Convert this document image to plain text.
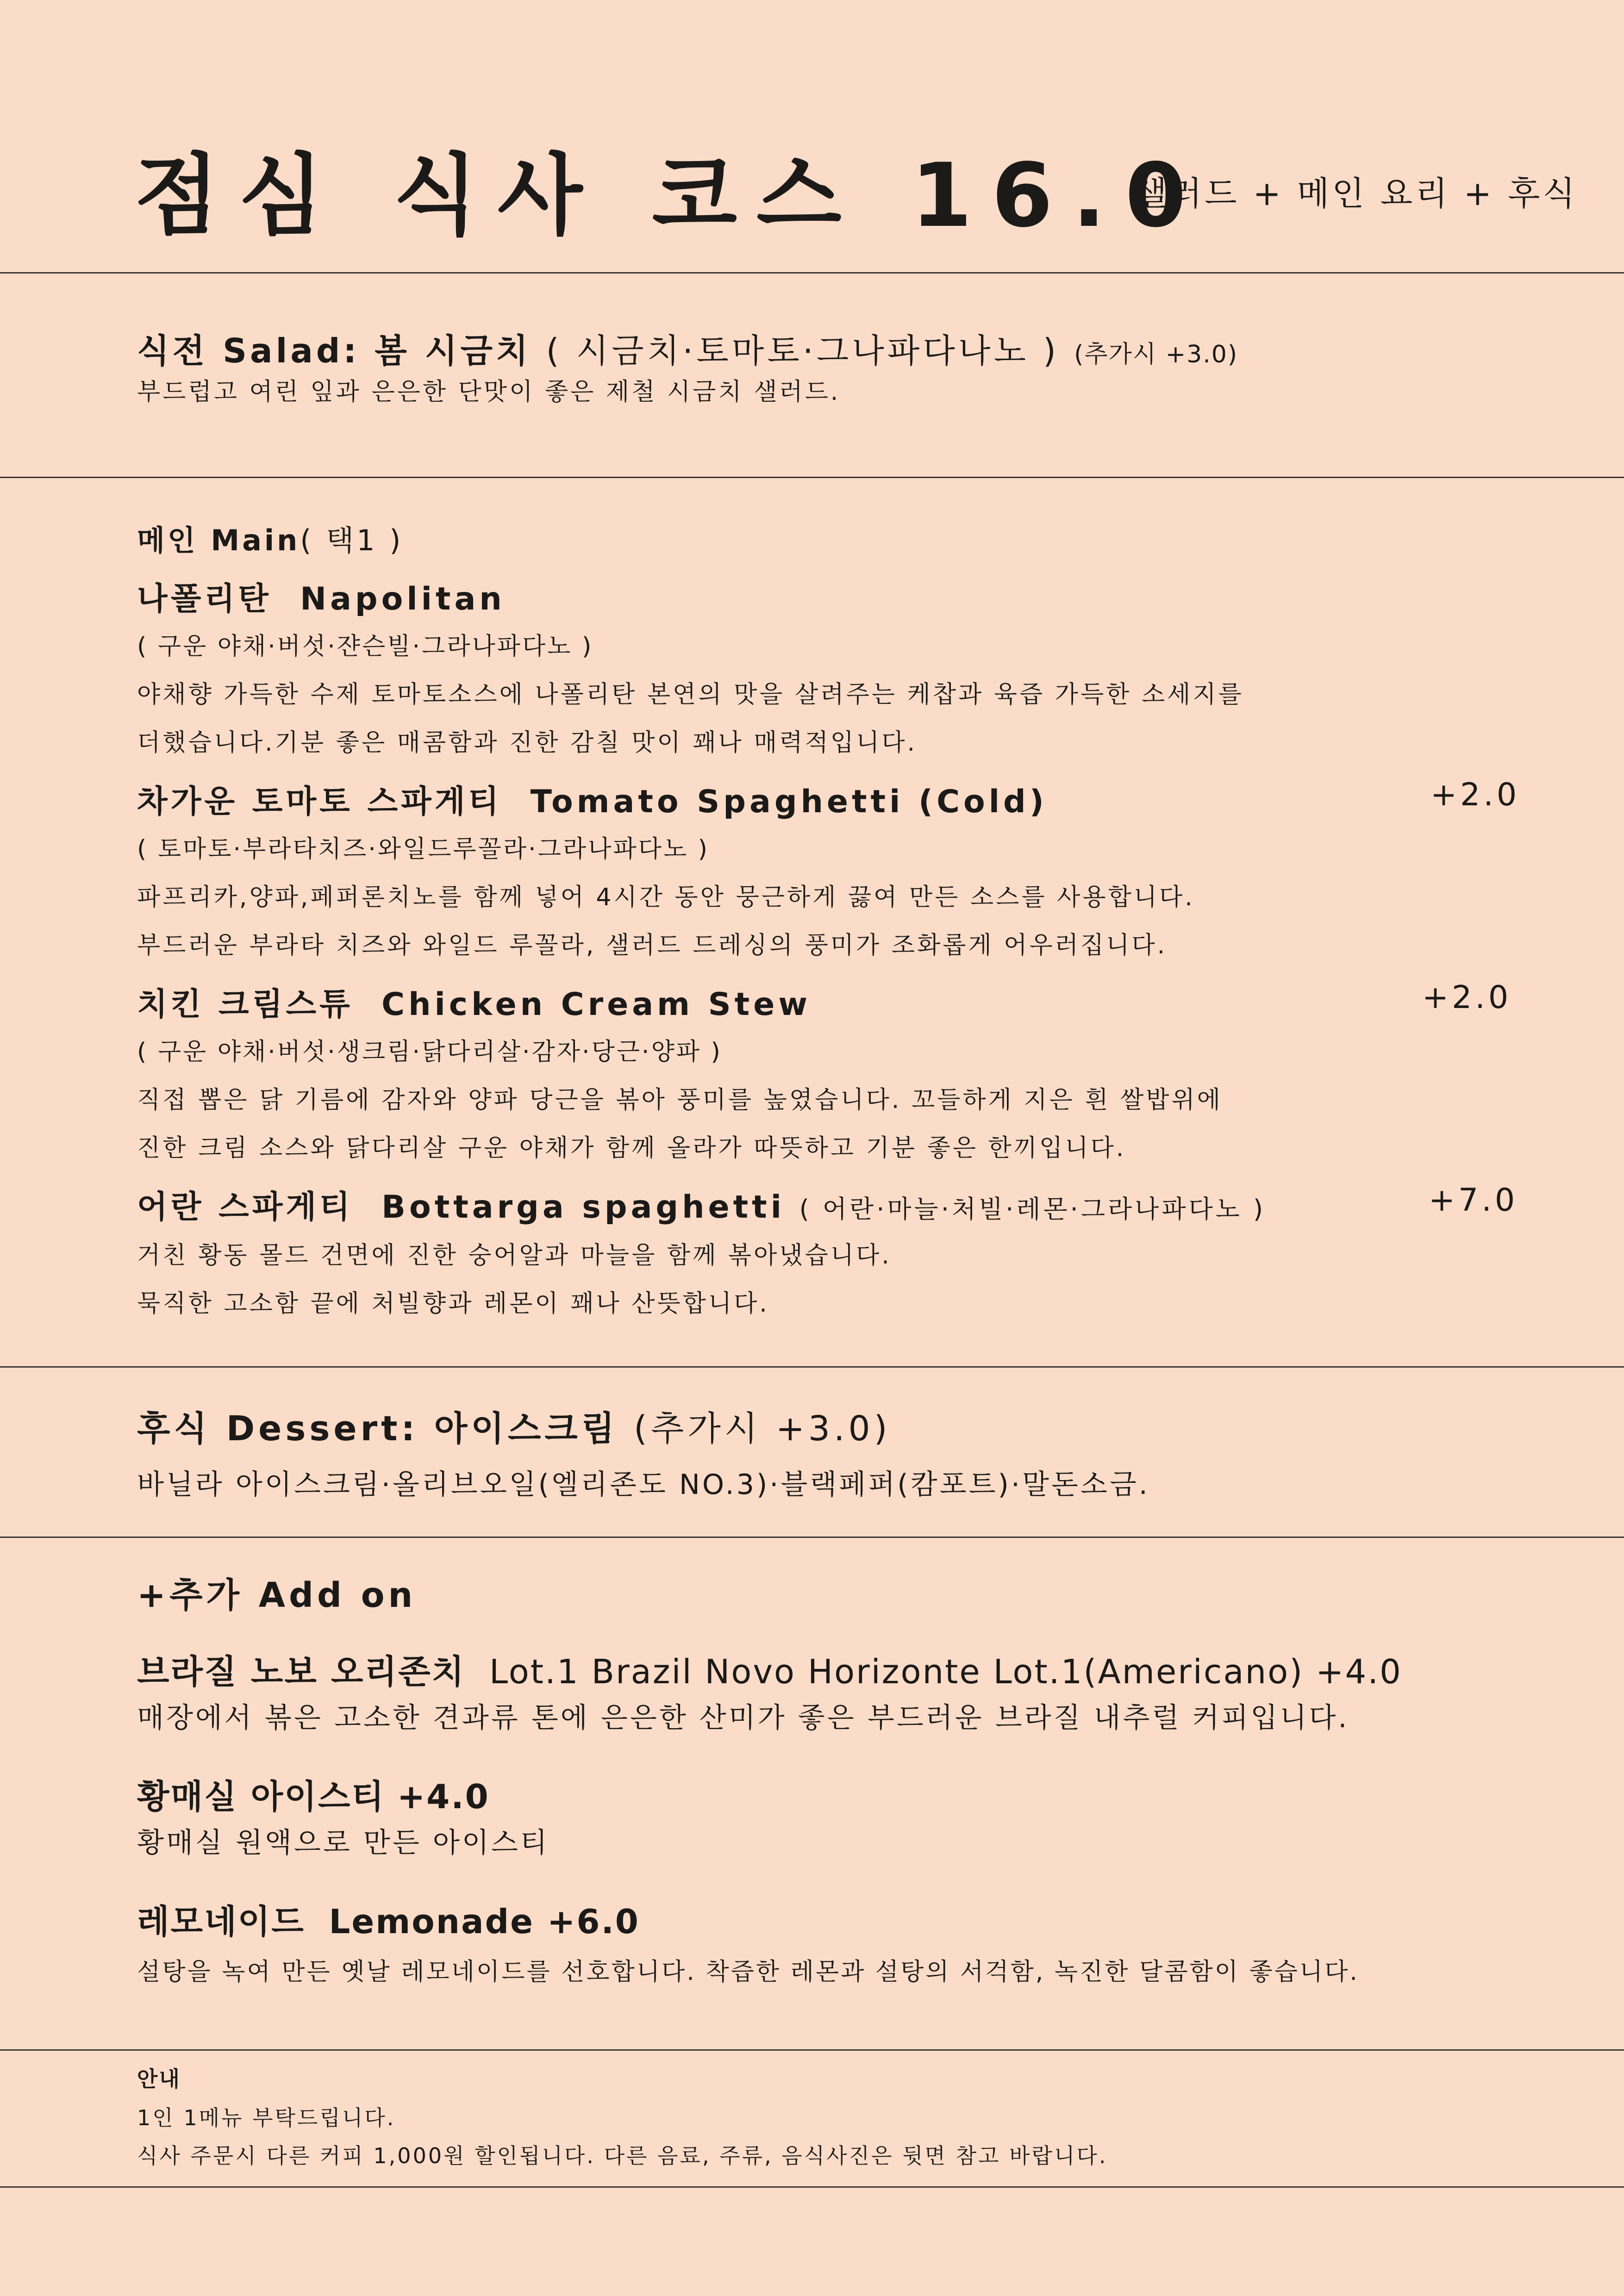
점심 식사 코스 16.0
샐러드 + 메인 요리 + 후식
식전 Salad: 봄 시금치 ( 시금치·토마토·그나파다나노 ) (추가시 +3.0)
부드럽고 여린 잎과 은은한 단맛이 좋은 제철 시금치 샐러드.
메인 Main( 택1 )
나폴리탄 Napolitan
( 구운 야채·버섯·쟌슨빌·그라나파다노 )
야채향 가득한 수제 토마토소스에 나폴리탄 본연의 맛을 살려주는 케찹과 육즙 가득한 소세지를
더했습니다.기분 좋은 매콤함과 진한 감칠 맛이 꽤나 매력적입니다.
차가운 토마토 스파게티 Tomato Spaghetti (Cold)	+2.0
( 토마토·부라타치즈·와일드루꼴라·그라나파다노 )
파프리카,양파,페퍼론치노를 함께 넣어 4시간 동안 뭉근하게 끓여 만든 소스를 사용합니다.
부드러운 부라타 치즈와 와일드 루꼴라, 샐러드 드레싱의 풍미가 조화롭게 어우러집니다.
치킨 크림스튜 Chicken Cream Stew	+2.0
( 구운 야채·버섯·생크림·닭다리살·감자·당근·양파 )
직접 뽑은 닭 기름에 감자와 양파 당근을 볶아 풍미를 높였습니다. 꼬들하게 지은 흰 쌀밥위에
진한 크림 소스와 닭다리살 구운 야채가 함께 올라가 따뜻하고 기분 좋은 한끼입니다.
어란 스파게티 Bottarga spaghetti ( 어란·마늘·처빌·레몬·그라나파다노 )	+7.0
거친 황동 몰드 건면에 진한 숭어알과 마늘을 함께 볶아냈습니다.
묵직한 고소함 끝에 처빌향과 레몬이 꽤나 산뜻합니다.
후식 Dessert: 아이스크림 (추가시 +3.0)
바닐라 아이스크림·올리브오일(엘리존도 NO.3)·블랙페퍼(캄포트)·말돈소금.
+추가 Add on
브라질 노보 오리존치 Lot.1 Brazil Novo Horizonte Lot.1(Americano) +4.0
매장에서 볶은 고소한 견과류 톤에 은은한 산미가 좋은 부드러운 브라질 내추럴 커피입니다.
황매실 아이스티 +4.0
황매실 원액으로 만든 아이스티
레모네이드 Lemonade +6.0
설탕을 녹여 만든 옛날 레모네이드를 선호합니다. 착즙한 레몬과 설탕의 서걱함, 녹진한 달콤함이 좋습니다.
안내
1인 1메뉴 부탁드립니다.
식사 주문시 다른 커피 1,000원 할인됩니다. 다른 음료, 주류, 음식사진은 뒷면 참고 바랍니다.
